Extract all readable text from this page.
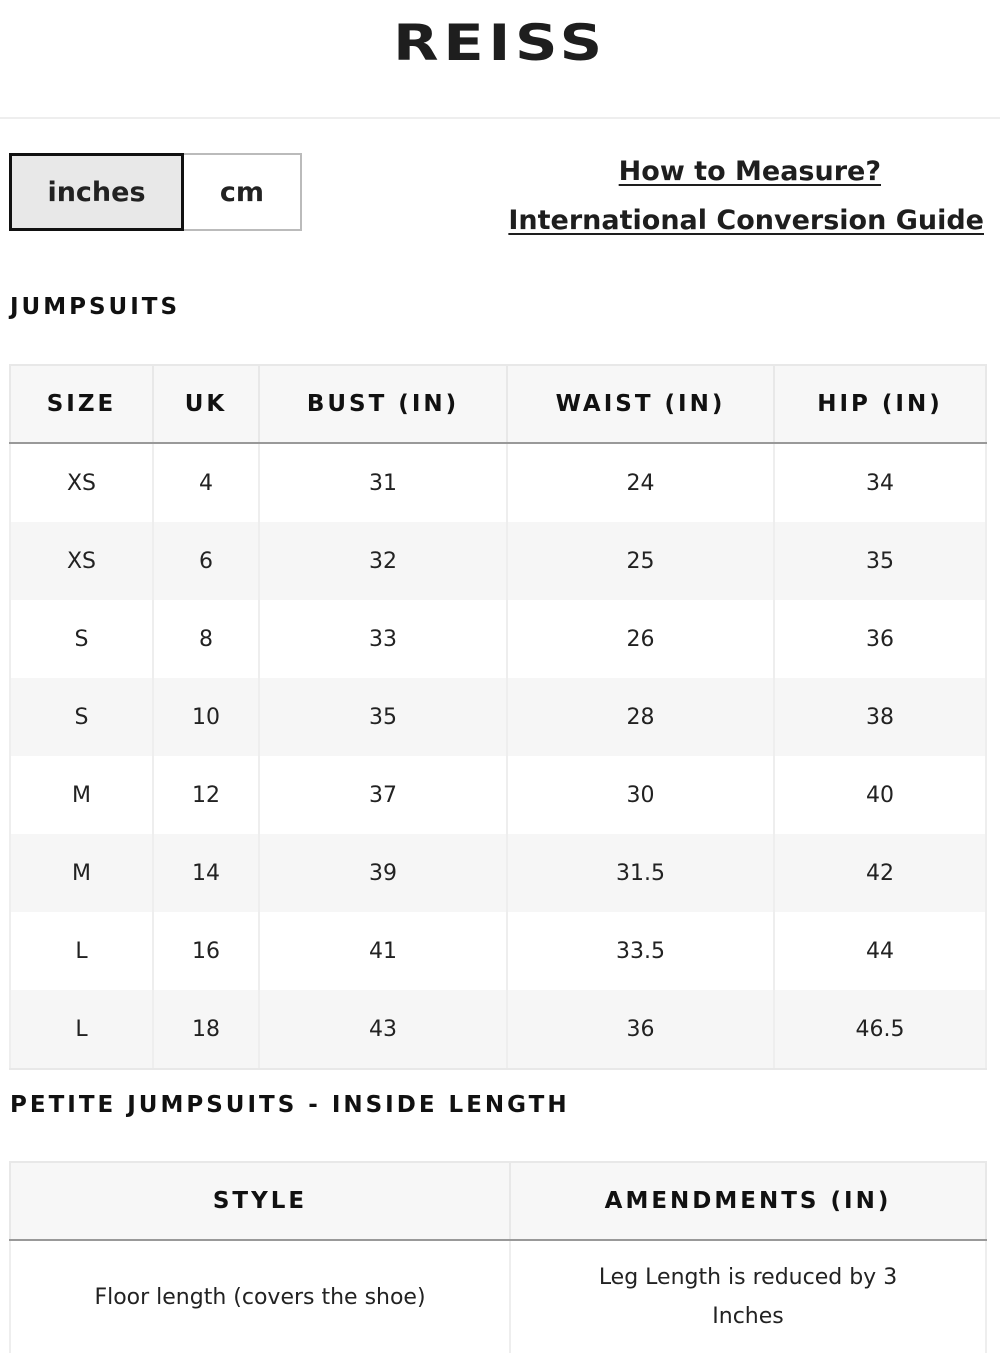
REISS
inches	cm
How to Measure?
International Conversion Guide
JUMPSUITS
SIZE	UK	BUST (IN)	WAIST (IN)	HIP (IN)
XS	4	31	24	34
XS	6	32	25	35
S	8	33	26	36
S	10	35	28	38
M	12	37	30	40
M	14	39	31.5	42
L	16	41	33.5	44
L	18	43	36	46.5
PETITE JUMPSUITS - INSIDE LENGTH
STYLE	AMENDMENTS (IN)
Floor length (covers the shoe)	Leg Length is reduced by 3 Inches
